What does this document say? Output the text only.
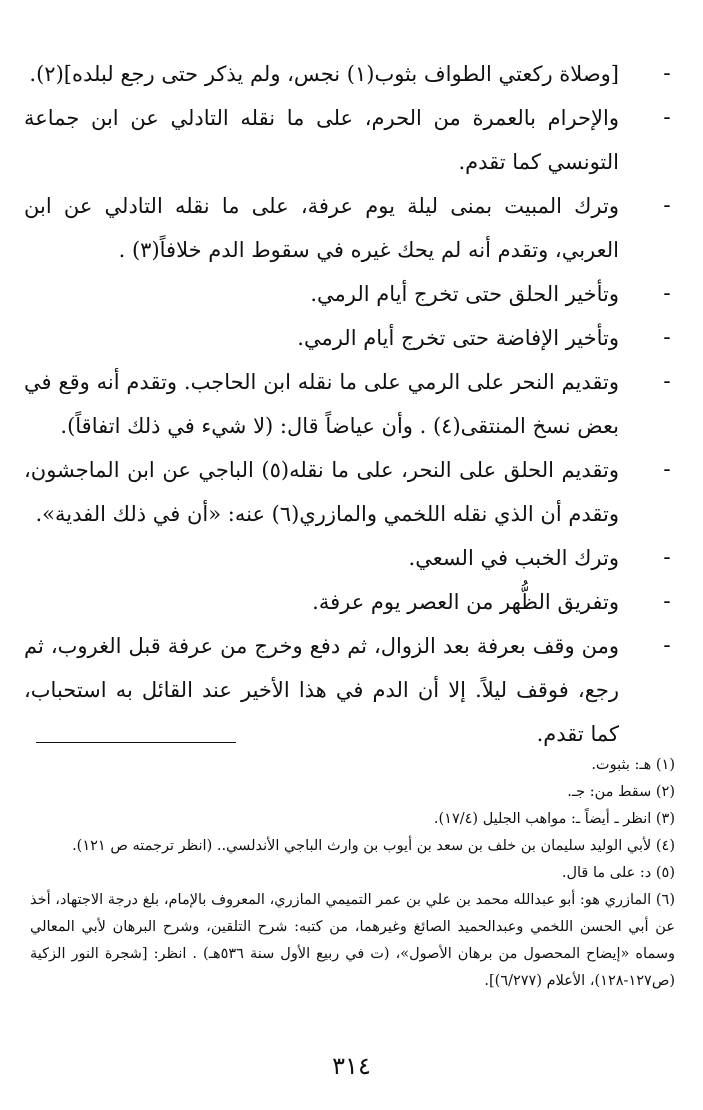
-
[وصلاة ركعتي الطواف بثوب(١) نجس، ولم يذكر حتى رجع لبلده](٢).

-
والإحرام بالعمرة من الحرم، على ما نقله التادلي عن ابن جماعة التونسي كما تقدم.

-
وترك المبيت بمنى ليلة يوم عرفة، على ما نقله التادلي عن ابن العربي، وتقدم أنه لم يحك غيره في سقوط الدم خلافاً(٣) .

-
وتأخير الحلق حتى تخرج أيام الرمي.

-
وتأخير الإفاضة حتى تخرج أيام الرمي.

-
وتقديم النحر على الرمي على ما نقله ابن الحاجب. وتقدم أنه وقع في بعض نسخ المنتقى(٤) . وأن عياضاً قال: (لا شيء في ذلك اتفاقاً).

-
وتقديم الحلق على النحر، على ما نقله(٥) الباجي عن ابن الماجشون، وتقدم أن الذي نقله اللخمي والمازري(٦) عنه: «أن في ذلك الفدية».

-
وترك الخبب في السعي.

-
وتفريق الظُّهر من العصر يوم عرفة.

-
ومن وقف بعرفة بعد الزوال، ثم دفع وخرج من عرفة قبل الغروب، ثم رجع، فوقف ليلاً. إلا أن الدم في هذا الأخير عند القائل به استحباب، كما تقدم.

(١) هـ: بثبوت.

(٢) سقط من: جـ.

(٣) انظر ـ أيضاً ـ: مواهب الجليل (١٧/٤).

(٤) لأبي الوليد سليمان بن خلف بن سعد بن أيوب بن وارث الباجي الأندلسي.. (انظر ترجمته ص ١٢١).

(٥) د: على ما قال.

(٦) المازري هو: أبو عبدالله محمد بن علي بن عمر التميمي المازري، المعروف بالإمام، بلغ درجة الاجتهاد، أخذ عن أبي الحسن اللخمي وعبدالحميد الصائغ وغيرهما، من كتبه: شرح التلقين، وشرح البرهان لأبي المعالي وسماه «إيضاح المحصول من برهان الأصول»، (ت في ربيع الأول سنة ٥٣٦هـ) . انظر: [شجرة النور الزكية (ص١٢٧-١٢٨)، الأعلام (٦/٢٧٧)].

٣١٤
